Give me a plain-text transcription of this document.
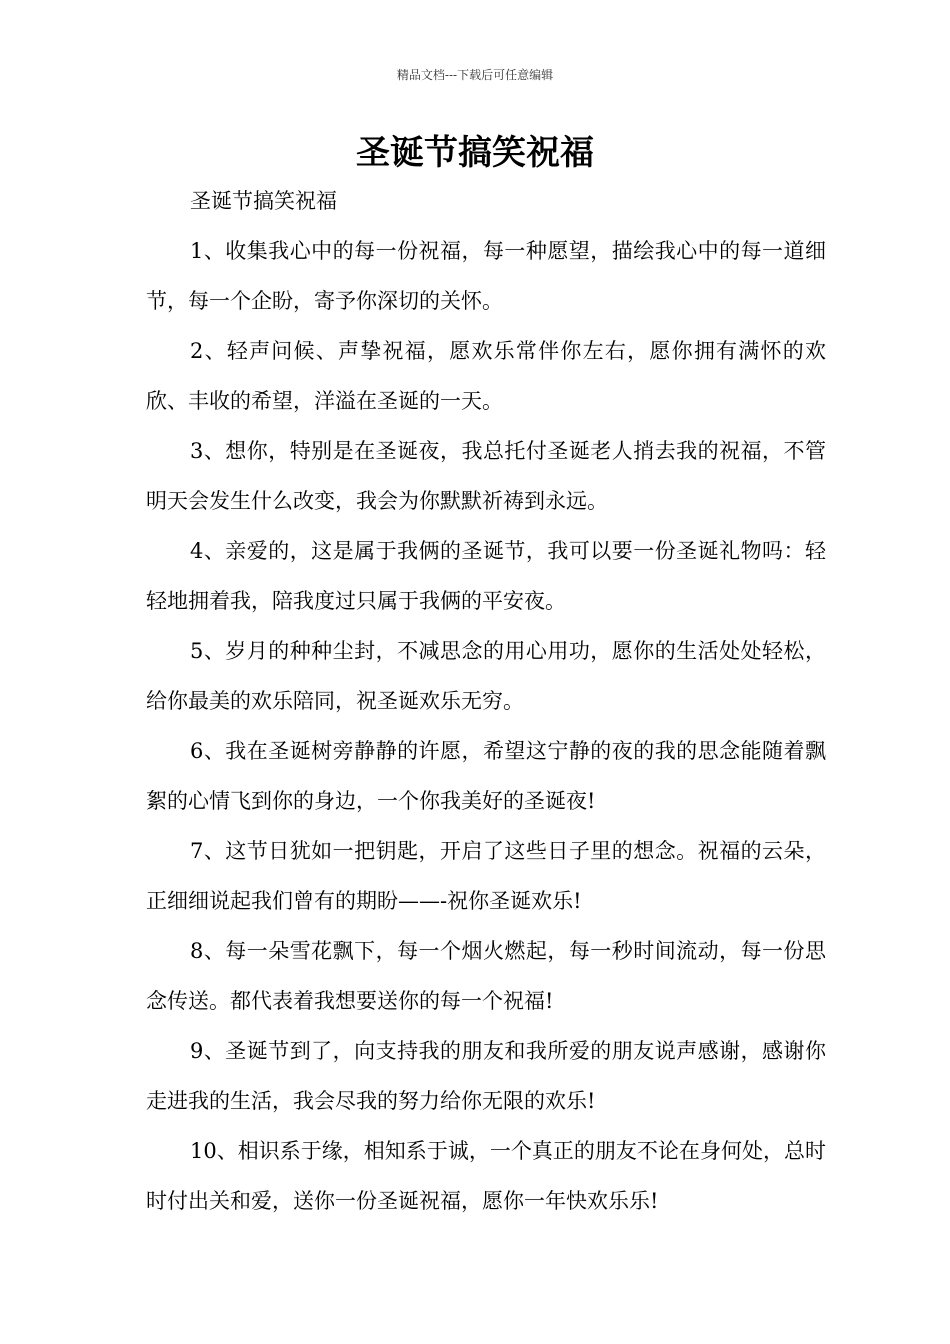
精品文档---下载后可任意编辑
圣诞节搞笑祝福

圣诞节搞笑祝福

1、收集我心中的每一份祝福，每一种愿望，描绘我心中的每一道细节，每一个企盼，寄予你深切的关怀。

2、轻声问候、声挚祝福，愿欢乐常伴你左右，愿你拥有满怀的欢欣、丰收的希望，洋溢在圣诞的一天。

3、想你，特别是在圣诞夜，我总托付圣诞老人捎去我的祝福，不管明天会发生什么改变，我会为你默默祈祷到永远。

4、亲爱的，这是属于我俩的圣诞节，我可以要一份圣诞礼物吗：轻轻地拥着我，陪我度过只属于我俩的平安夜。

5、岁月的种种尘封，不减思念的用心用功，愿你的生活处处轻松，给你最美的欢乐陪同，祝圣诞欢乐无穷。

6、我在圣诞树旁静静的许愿，希望这宁静的夜的我的思念能随着飘絮的心情飞到你的身边，一个你我美好的圣诞夜!

7、这节日犹如一把钥匙，开启了这些日子里的想念。祝福的云朵，正细细说起我们曾有的期盼——-祝你圣诞欢乐!

8、每一朵雪花飘下，每一个烟火燃起，每一秒时间流动，每一份思念传送。都代表着我想要送你的每一个祝福!

9、圣诞节到了，向支持我的朋友和我所爱的朋友说声感谢，感谢你走进我的生活，我会尽我的努力给你无限的欢乐!

10、相识系于缘，相知系于诚，一个真正的朋友不论在身何处，总时时付出关和爱，送你一份圣诞祝福，愿你一年快欢乐乐!
